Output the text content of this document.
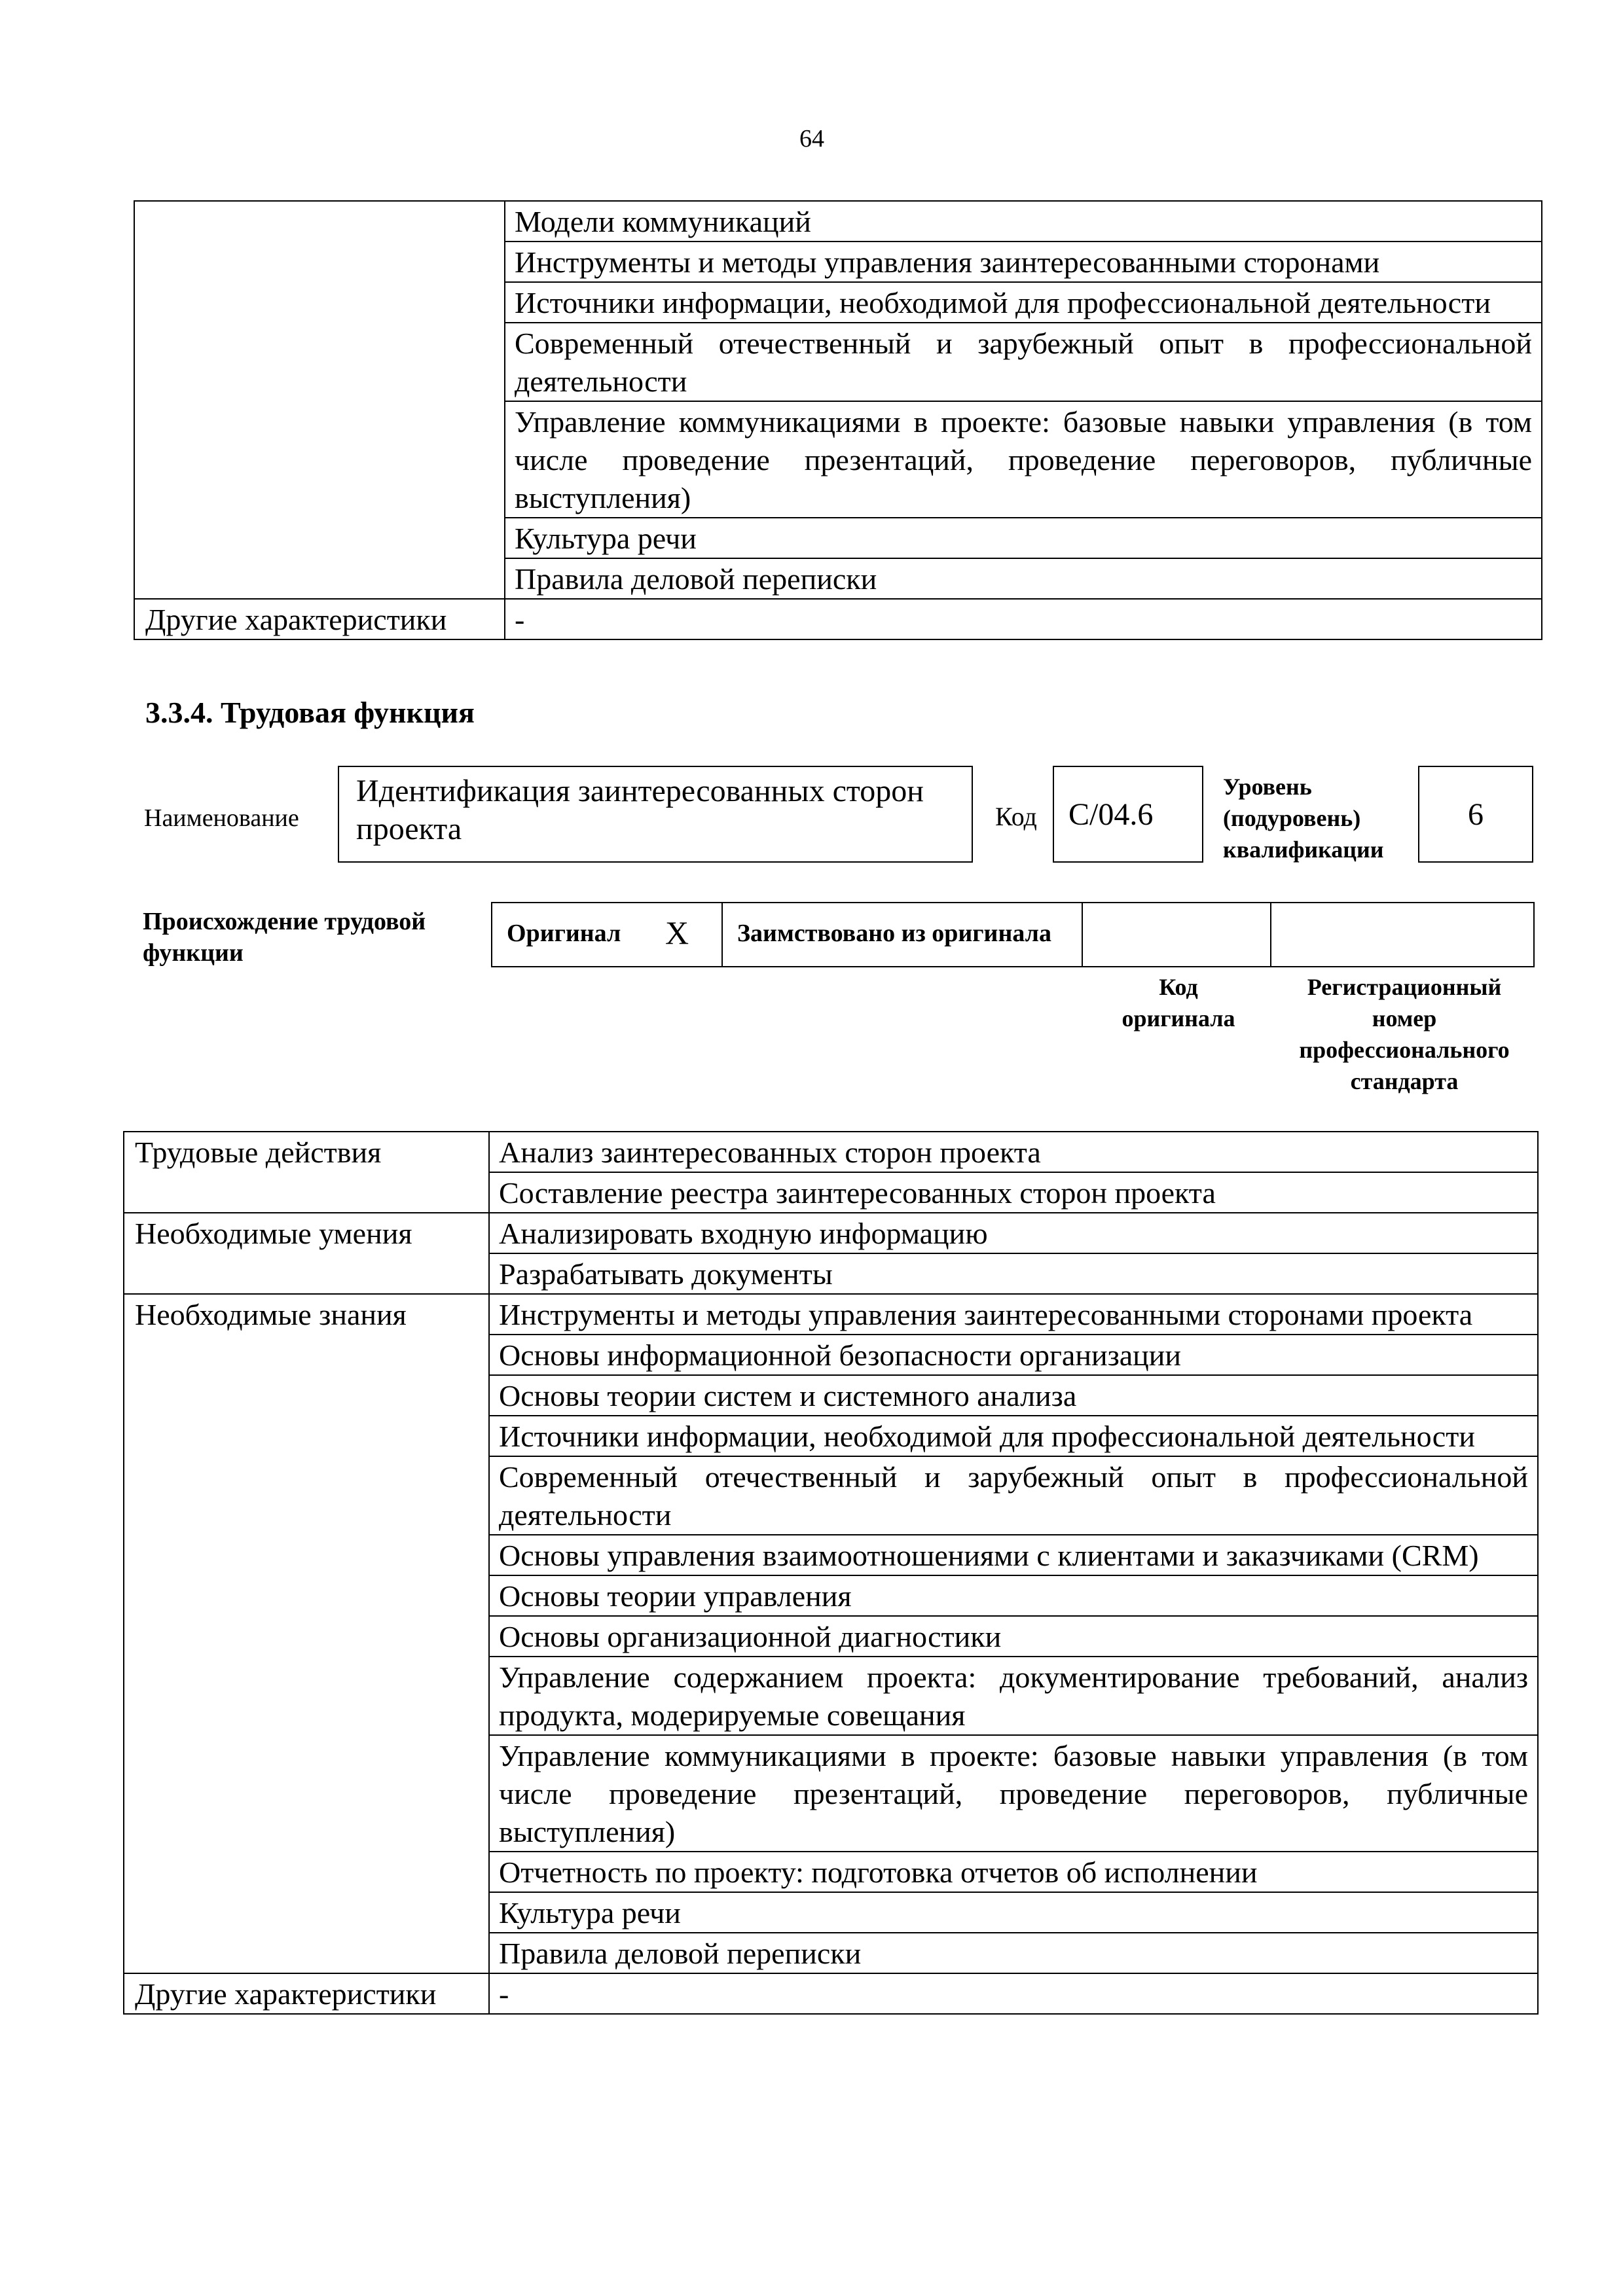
64
	Модели коммуникаций
	Инструменты и методы управления заинтересованными сторонами
	Источники информации, необходимой для профессиональной деятельности
	Современный отечественный и зарубежный опыт в профессиональной деятельности
	Управление коммуникациями в проекте: базовые навыки управления (в том числе проведение презентаций, проведение переговоров, публичные выступления)
	Культура речи
	Правила деловой переписки
Другие характеристики	-
3.3.4. Трудовая функция
Наименование
Идентификация заинтересованных сторон проекта	Код C/04.6
Уровень (подуровень) квалификации
6
Происхождение трудовой функции
Оригинал X Заимствовано из оригинала
Код оригинала
Регистрационный номер профессионального стандарта
Трудовые действия	Анализ заинтересованных сторон проекта
	Составление реестра заинтересованных сторон проекта
Необходимые умения	Анализировать входную информацию
	Разрабатывать документы
Необходимые знания	Инструменты и методы управления заинтересованными сторонами проекта
	Основы информационной безопасности организации
	Основы теории систем и системного анализа
	Источники информации, необходимой для профессиональной деятельности
	Современный отечественный и зарубежный опыт в профессиональной деятельности
	Основы управления взаимоотношениями с клиентами и заказчиками (CRM)
	Основы теории управления
	Основы организационной диагностики
	Управление содержанием проекта: документирование требований, анализ продукта, модерируемые совещания
	Управление коммуникациями в проекте: базовые навыки управления (в том числе проведение презентаций, проведение переговоров, публичные выступления)
	Отчетность по проекту: подготовка отчетов об исполнении
	Культура речи
	Правила деловой переписки
Другие характеристики	-
